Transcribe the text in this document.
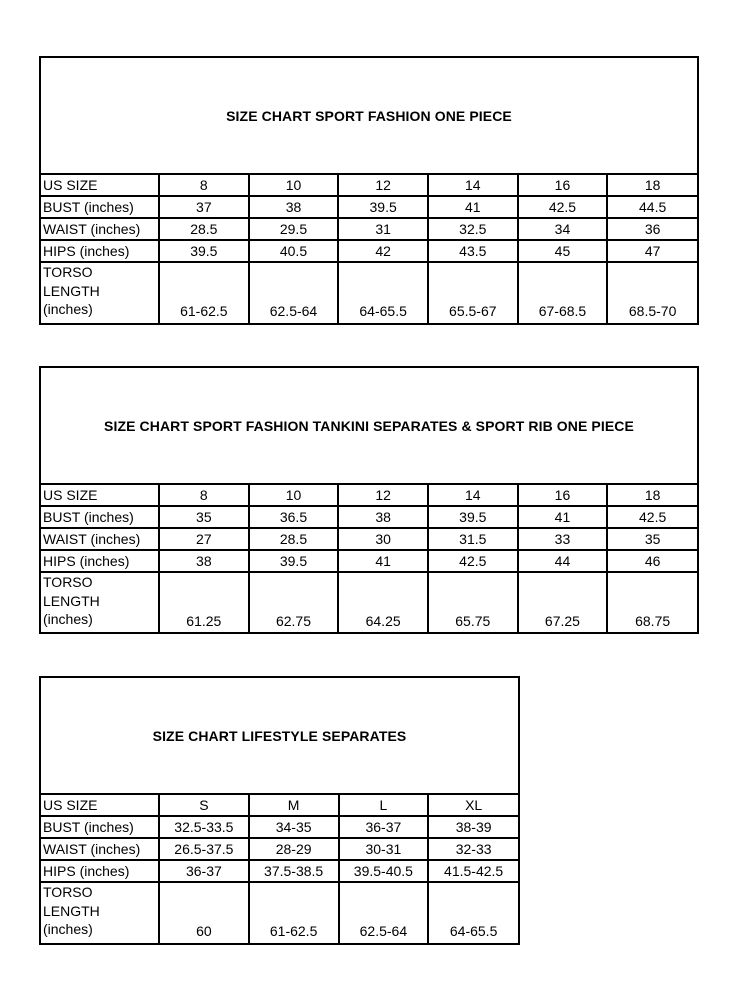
SIZE CHART SPORT FASHION ONE PIECE
US SIZE	8	10	12	14	16	18
BUST (inches)	37	38	39.5	41	42.5	44.5
WAIST (inches)	28.5	29.5	31	32.5	34	36
HIPS (inches)	39.5	40.5	42	43.5	45	47

TORSO
LENGTH
(inches)	61-62.5	62.5-64	64-65.5	65.5-67	67-68.5	68.5-70
SIZE CHART SPORT FASHION TANKINI SEPARATES & SPORT RIB ONE PIECE
US SIZE	8	10	12	14	16	18
BUST (inches)	35	36.5	38	39.5	41	42.5
WAIST (inches)	27	28.5	30	31.5	33	35
HIPS (inches)	38	39.5	41	42.5	44	46

TORSO
LENGTH
(inches)	61.25	62.75	64.25	65.75	67.25	68.75
SIZE CHART LIFESTYLE SEPARATES
US SIZE	S	M	L	XL
BUST (inches)	32.5-33.5	34-35	36-37	38-39
WAIST (inches)	26.5-37.5	28-29	30-31	32-33
HIPS (inches)	36-37	37.5-38.5	39.5-40.5	41.5-42.5

TORSO
LENGTH
(inches)	60	61-62.5	62.5-64	64-65.5
